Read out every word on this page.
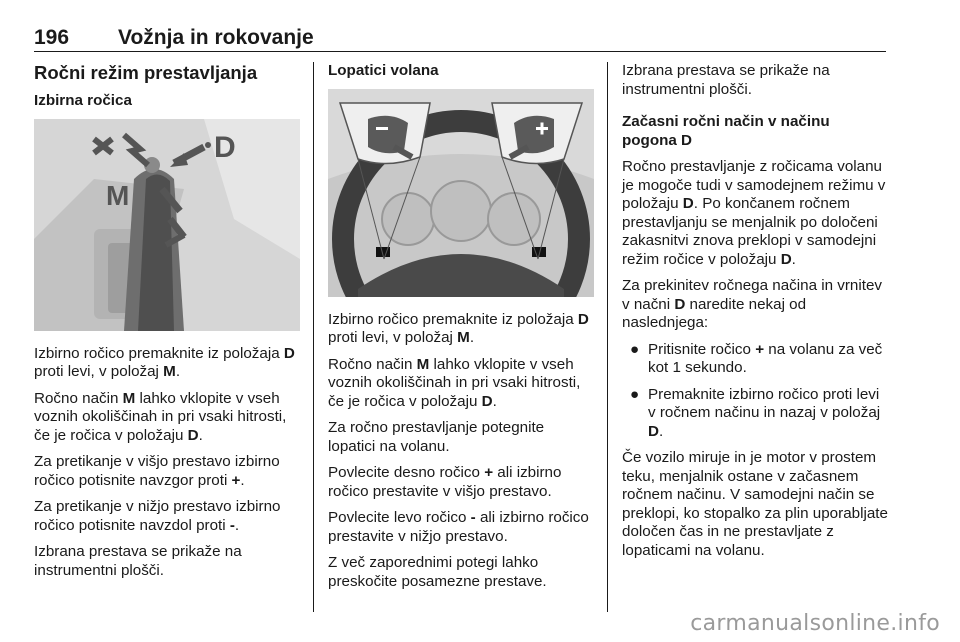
196 Vožnja in rokovanje
Ročni režim prestavljanja
Izbirna ročica
D
M

Izbirno ročico premaknite iz položaja D proti levi, v položaj M.

Ročno način M lahko vklopite v vseh voznih okoliščinah in pri vsaki hitrosti, če je ročica v položaju D.

Za pretikanje v višjo prestavo izbirno ročico potisnite navzgor proti +.

Za pretikanje v nižjo prestavo izbirno ročico potisnite navzdol proti -.

Izbrana prestava se prikaže na instrumentni plošči.

Lopatici volana

Izbirno ročico premaknite iz položaja D proti levi, v položaj M.

Ročno način M lahko vklopite v vseh voznih okoliščinah in pri vsaki hitrosti, če je ročica v položaju D.

Za ročno prestavljanje potegnite lopatici na volanu.

Povlecite desno ročico + ali izbirno ročico prestavite v višjo prestavo.

Povlecite levo ročico - ali izbirno ročico prestavite v nižjo prestavo.

Z več zaporednimi potegi lahko preskočite posamezne prestave.

Izbrana prestava se prikaže na instrumentni plošči.

Začasni ročni način v načinu pogona D

Ročno prestavljanje z ročicama volanu je mogoče tudi v samodejnem režimu v položaju D. Po končanem ročnem prestavljanju se menjalnik po določeni zakasnitvi znova preklopi v samodejni režim ročice v položaju D.

Za prekinitev ročnega načina in vrnitev v načni D naredite nekaj od naslednjega:

● Pritisnite ročico + na volanu za več kot 1 sekundo.
● Premaknite izbirno ročico proti levi v ročnem načinu in nazaj v položaj D.

Če vozilo miruje in je motor v prostem teku, menjalnik ostane v začasnem ročnem načinu. V samodejni način se preklopi, ko stopalko za plin uporabljate določen čas in ne prestavljate z lopaticami na volanu.

carmanualsonline.info
